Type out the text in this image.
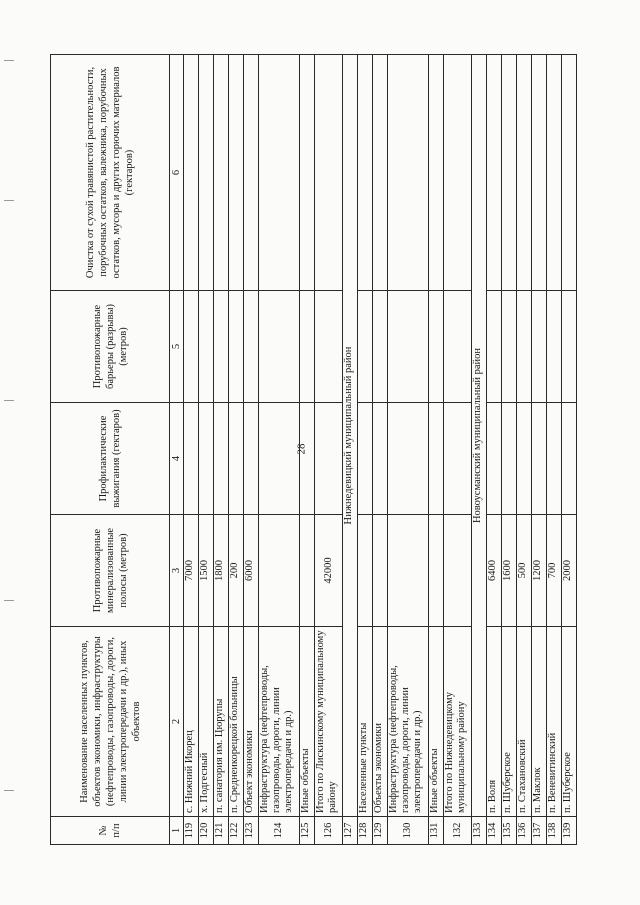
28
№ п/п	Наименование населенных пунктов, объектов экономики, инфраструктуры (нефтепроводы, газопроводы, дороги, линии электропередачи и др.), иных объектов	Противопожарные минерализованные полосы (метров)	Профилактические выжигания (гектаров)	Противопожарные барьеры (разрывы) (метров)	Очистка от сухой травянистой растительности, порубочных остатков, валежника, порубочных остатков, мусора и других горючих материалов (гектаров)
1	2	3	4	5	6
119	с. Нижний Икорец	7000			
120	х. Подгесный	1500			
121	п. санатория им. Цюрупы	1800			
122	п. Среднеикорецкой больницы	200			
123	Объект экономики	6000			
124	Инфраструктура (нефтепроводы, газопроводы, дороги, линии электропередачи и др.)				
125	Иные объекты				
126	Итого по Лискинскому муниципальному району	42000			
127	Нижнедевицкий муниципальный район				
128	Населенные пункты				
129	Объекты экономики				
130	Инфраструктура (нефтепроводы, газопроводы, дороги, линии электропередачи и др.)				
131	Иные объекты				
132	Итого по Нижнедевицкому муниципальному району				
133	Новоусманский муниципальный район				
134	п. Воля	6400			
135	п. Шуберское	1600			
136	п. Стахановский	500			
137	п. Маклок	1200			
138	п. Веневитинский	700			
139	п. Шуберское	2000			
